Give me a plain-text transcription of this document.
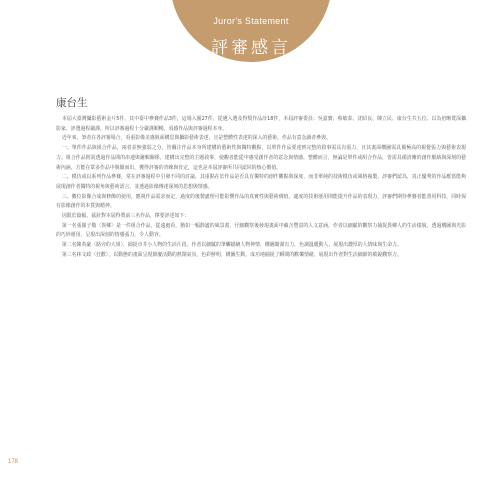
Juror's Statement
評審感言
康台生

本屆大臺灣攝影藝術金片5件，其中臺中參賽作品3件，這場入圍27件，從遴入選及得獎作品計18件，本屆評審委員：吳嘉寶、蔡敏泰、沈昭良、陳立民、康台生共五位。以為倍晰賞深攝影家，評選過程嚴謹。所以評審過程十分嚴謹順暢，須感作品與評審過程本身。

近年來，筆者在各評審場合，看重影像美感與面構思與攝影藝術表達，且是整體性表達的深入的藝術。作品有意念讀者參與。

一、單件作品與組合作品，兩者並無強弱之分，皆關注作品本身所建構的藝術性與獨特觀點，以單件作品要達到完整的敘事需具有張力，且其畫面構圖需具備極高的視覺張力與藝術表現力。組合作品則需透過作品間的串連與邏輯關係，建構出完整的主題敘事，使觀者能從中感受創作者的意念與情感。整體而言，無論是單件或組合作品，皆需具備清晰的創作脈絡與深刻的藝術內涵，方能在眾多作品中脫穎而出，獲得評審的青睞與肯定，這也是本屆評審所共同認同的核心價值。

二、模仿或以系列作品參賽，常在評審過程中引發不同的討論，其重點在於作品是否具有獨特的創作觀點與深度，而非單純的技術模仿或風格複製。評審們認為，真正優秀的作品應當能夠展現創作者獨特的視角與藝術語言，並透過影像傳達深刻的思想與情感。

三、數位影像合成與修飾的使用，應視作品需求而定，過度的後製處理可能影響作品的真實性與藝術價值，適度的技術運用則能提升作品的表現力，評審們期待參賽者能善用科技，同時保有影像創作的本質與精神。

因限於篇幅，茲針對本屆得獎前三名作品，擇要評述如下：

第一名張羅子敬〈異鄉〉是一件組合作品，從遠處看，猶如一幅靜謐的風景畫，仔細觀察後發現畫面中蘊含豐富的人文意涵。作者以細膩的觀察力捕捉異鄉人的生活樣貌，透過構圖與光影的巧妙運用，呈現出深刻的情感張力，令人動容。

第二名陳英豪〈路旁的大姐〉，捕捉市井小人物的生活片段，作者以細膩的筆觸描繪人物神情，構圖簡潔有力，色調溫暖動人，展現出濃厚的人情味與生命力。

第三名林文政〈狂歡〉，以動態的畫面呈現節慶活動的熱鬧氣氛，色彩鮮明，構圖生動，成功地捕捉了瞬間的歡樂情緒，展現出作者對生活細節的敏銳觀察力。

178
